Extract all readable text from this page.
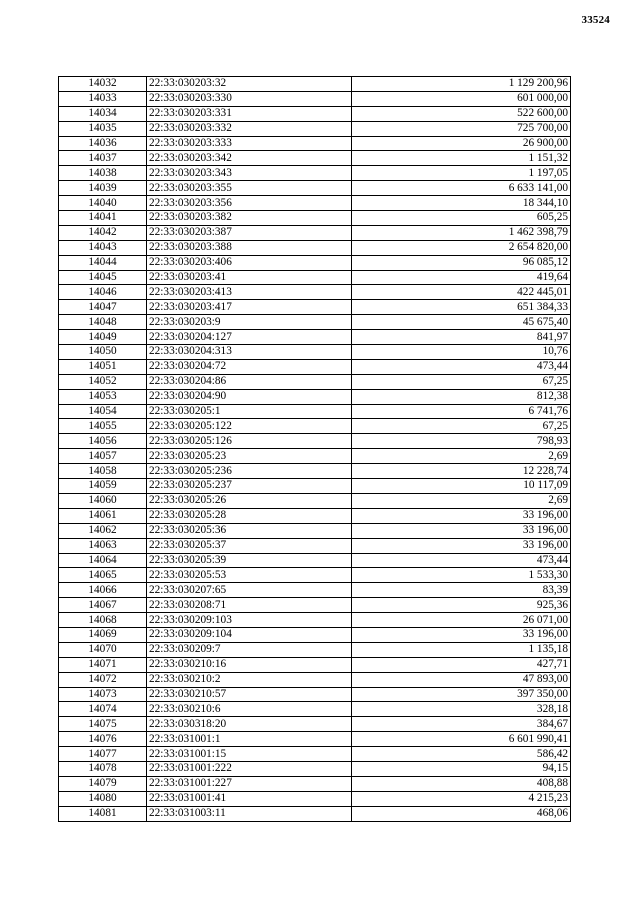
33524
14032	22:33:030203:32	1 129 200,96
14033	22:33:030203:330	601 000,00
14034	22:33:030203:331	522 600,00
14035	22:33:030203:332	725 700,00
14036	22:33:030203:333	26 900,00
14037	22:33:030203:342	1 151,32
14038	22:33:030203:343	1 197,05
14039	22:33:030203:355	6 633 141,00
14040	22:33:030203:356	18 344,10
14041	22:33:030203:382	605,25
14042	22:33:030203:387	1 462 398,79
14043	22:33:030203:388	2 654 820,00
14044	22:33:030203:406	96 085,12
14045	22:33:030203:41	419,64
14046	22:33:030203:413	422 445,01
14047	22:33:030203:417	651 384,33
14048	22:33:030203:9	45 675,40
14049	22:33:030204:127	841,97
14050	22:33:030204:313	10,76
14051	22:33:030204:72	473,44
14052	22:33:030204:86	67,25
14053	22:33:030204:90	812,38
14054	22:33:030205:1	6 741,76
14055	22:33:030205:122	67,25
14056	22:33:030205:126	798,93
14057	22:33:030205:23	2,69
14058	22:33:030205:236	12 228,74
14059	22:33:030205:237	10 117,09
14060	22:33:030205:26	2,69
14061	22:33:030205:28	33 196,00
14062	22:33:030205:36	33 196,00
14063	22:33:030205:37	33 196,00
14064	22:33:030205:39	473,44
14065	22:33:030205:53	1 533,30
14066	22:33:030207:65	83,39
14067	22:33:030208:71	925,36
14068	22:33:030209:103	26 071,00
14069	22:33:030209:104	33 196,00
14070	22:33:030209:7	1 135,18
14071	22:33:030210:16	427,71
14072	22:33:030210:2	47 893,00
14073	22:33:030210:57	397 350,00
14074	22:33:030210:6	328,18
14075	22:33:030318:20	384,67
14076	22:33:031001:1	6 601 990,41
14077	22:33:031001:15	586,42
14078	22:33:031001:222	94,15
14079	22:33:031001:227	408,88
14080	22:33:031001:41	4 215,23
14081	22:33:031003:11	468,06
